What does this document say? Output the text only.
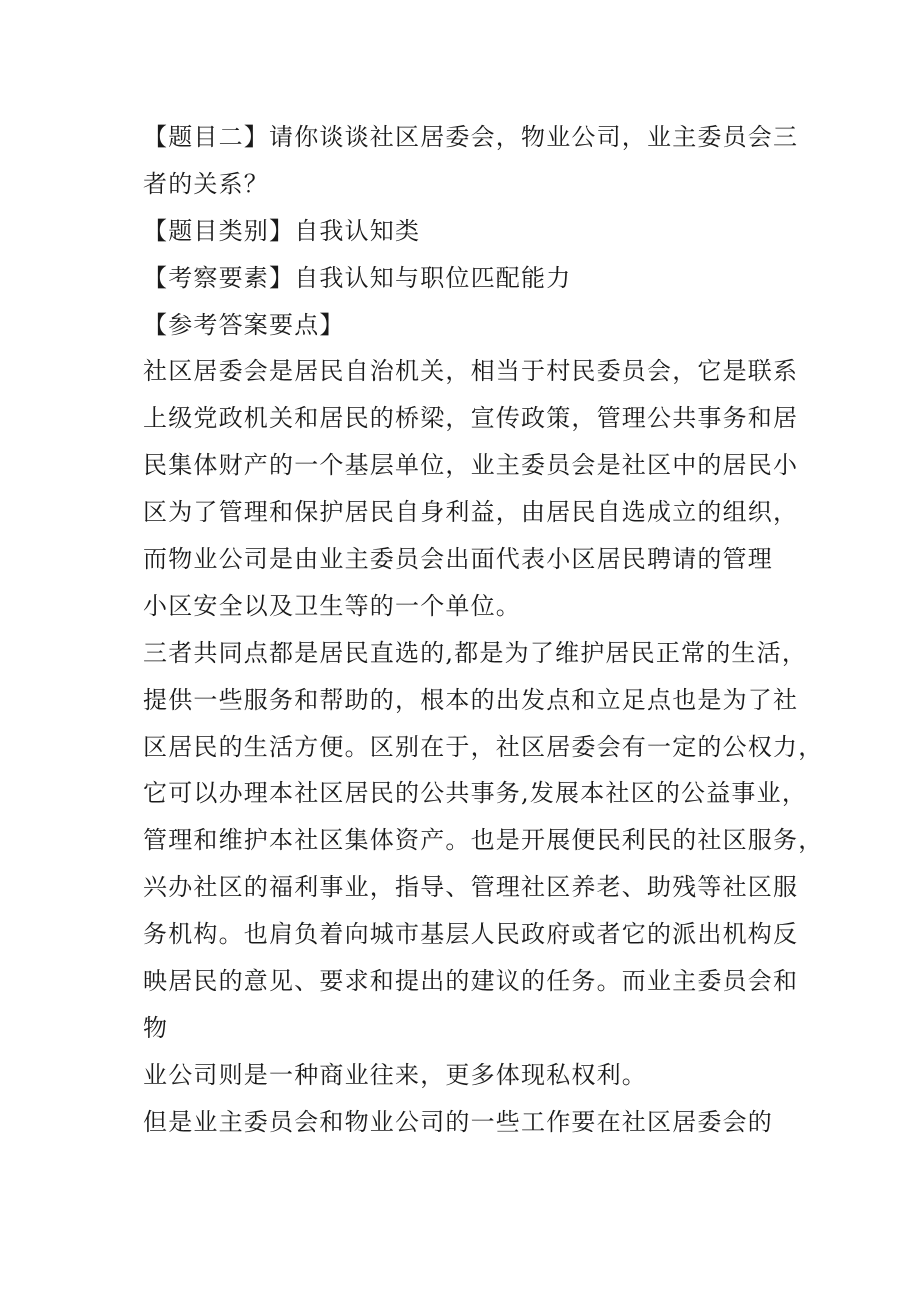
【题目二】请你谈谈社区居委会，物业公司，业主委员会三
者的关系？
【题目类别】自我认知类
【考察要素】自我认知与职位匹配能力
【参考答案要点】
社区居委会是居民自治机关，相当于村民委员会，它是联系
上级党政机关和居民的桥梁，宣传政策，管理公共事务和居
民集体财产的一个基层单位，业主委员会是社区中的居民小
区为了管理和保护居民自身利益，由居民自选成立的组织，
而物业公司是由业主委员会出面代表小区居民聘请的管理
小区安全以及卫生等的一个单位。
三者共同点都是居民直选的,都是为了维护居民正常的生活，
提供一些服务和帮助的，根本的出发点和立足点也是为了社
区居民的生活方便。区别在于，社区居委会有一定的公权力，
它可以办理本社区居民的公共事务,发展本社区的公益事业，
管理和维护本社区集体资产。也是开展便民利民的社区服务，
兴办社区的福利事业，指导、管理社区养老、助残等社区服
务机构。也肩负着向城市基层人民政府或者它的派出机构反
映居民的意见、要求和提出的建议的任务。而业主委员会和
物
业公司则是一种商业往来，更多体现私权利。
但是业主委员会和物业公司的一些工作要在社区居委会的
